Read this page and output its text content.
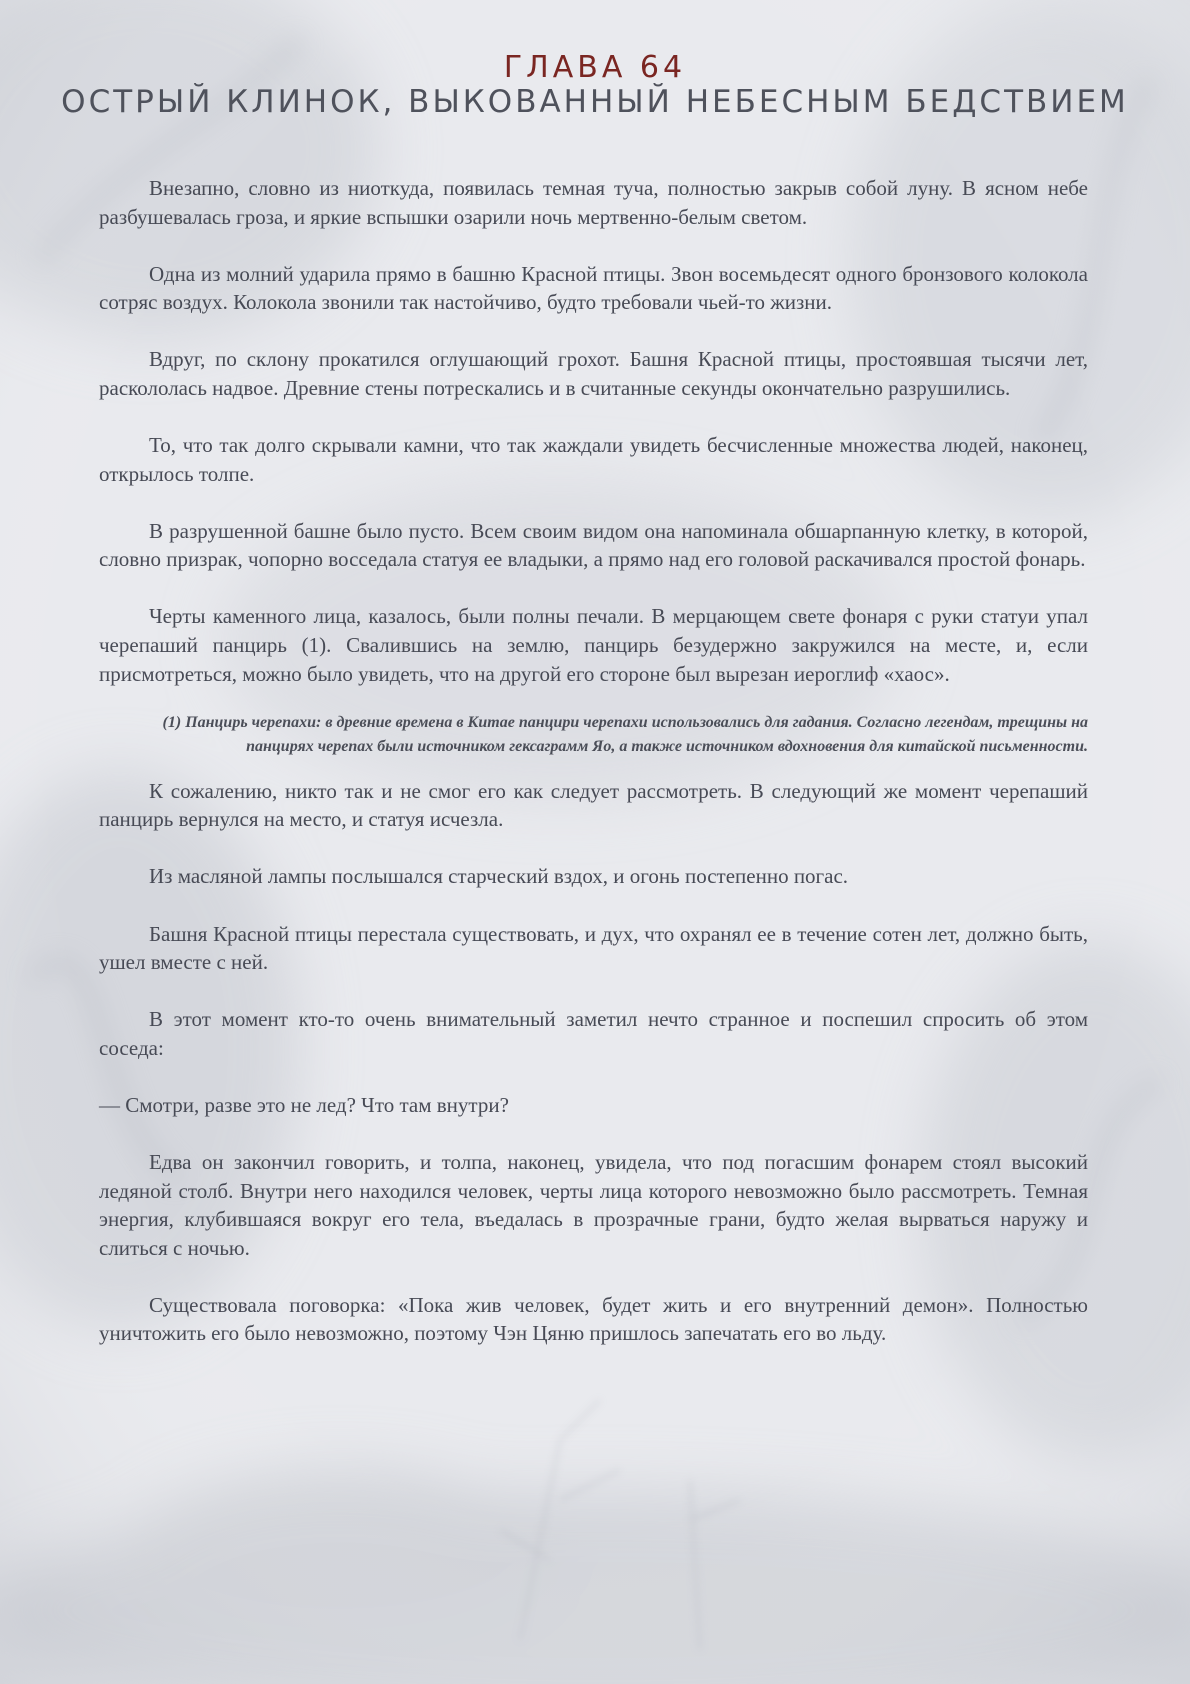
ГЛАВА 64
ОСТРЫЙ КЛИНОК, ВЫКОВАННЫЙ НЕБЕСНЫМ БЕДСТВИЕМ

Внезапно, словно из ниоткуда, появилась темная туча, полностью закрыв собой луну. В ясном небе разбушевалась гроза, и яркие вспышки озарили ночь мертвенно-белым светом.

Одна из молний ударила прямо в башню Красной птицы. Звон восемьдесят одного бронзового колокола сотряс воздух. Колокола звонили так настойчиво, будто требовали чьей-то жизни.

Вдруг, по склону прокатился оглушающий грохот. Башня Красной птицы, простоявшая тысячи лет, раскололась надвое. Древние стены потрескались и в считанные секунды окончательно разрушились.

То, что так долго скрывали камни, что так жаждали увидеть бесчисленные множества людей, наконец, открылось толпе.

В разрушенной башне было пусто. Всем своим видом она напоминала обшарпанную клетку, в которой, словно призрак, чопорно восседала статуя ее владыки, а прямо над его головой раскачивался простой фонарь.

Черты каменного лица, казалось, были полны печали. В мерцающем свете фонаря с руки статуи упал черепаший панцирь (1). Свалившись на землю, панцирь безудержно закружился на месте, и, если присмотреться, можно было увидеть, что на другой его стороне был вырезан иероглиф «хаос».

(1) Панцирь черепахи: в древние времена в Китае панцири черепахи использовались для гадания. Согласно легендам, трещины на панцирях черепах были источником гексаграмм Яо, а также источником вдохновения для китайской письменности.

К сожалению, никто так и не смог его как следует рассмотреть. В следующий же момент черепаший панцирь вернулся на место, и статуя исчезла.

Из масляной лампы послышался старческий вздох, и огонь постепенно погас.

Башня Красной птицы перестала существовать, и дух, что охранял ее в течение сотен лет, должно быть, ушел вместе с ней.

В этот момент кто-то очень внимательный заметил нечто странное и поспешил спросить об этом соседа:

— Смотри, разве это не лед? Что там внутри?

Едва он закончил говорить, и толпа, наконец, увидела, что под погасшим фонарем стоял высокий ледяной столб. Внутри него находился человек, черты лица которого невозможно было рассмотреть. Темная энергия, клубившаяся вокруг его тела, въедалась в прозрачные грани, будто желая вырваться наружу и слиться с ночью.

Существовала поговорка: «Пока жив человек, будет жить и его внутренний демон». Полностью уничтожить его было невозможно, поэтому Чэн Цяню пришлось запечатать его во льду.
